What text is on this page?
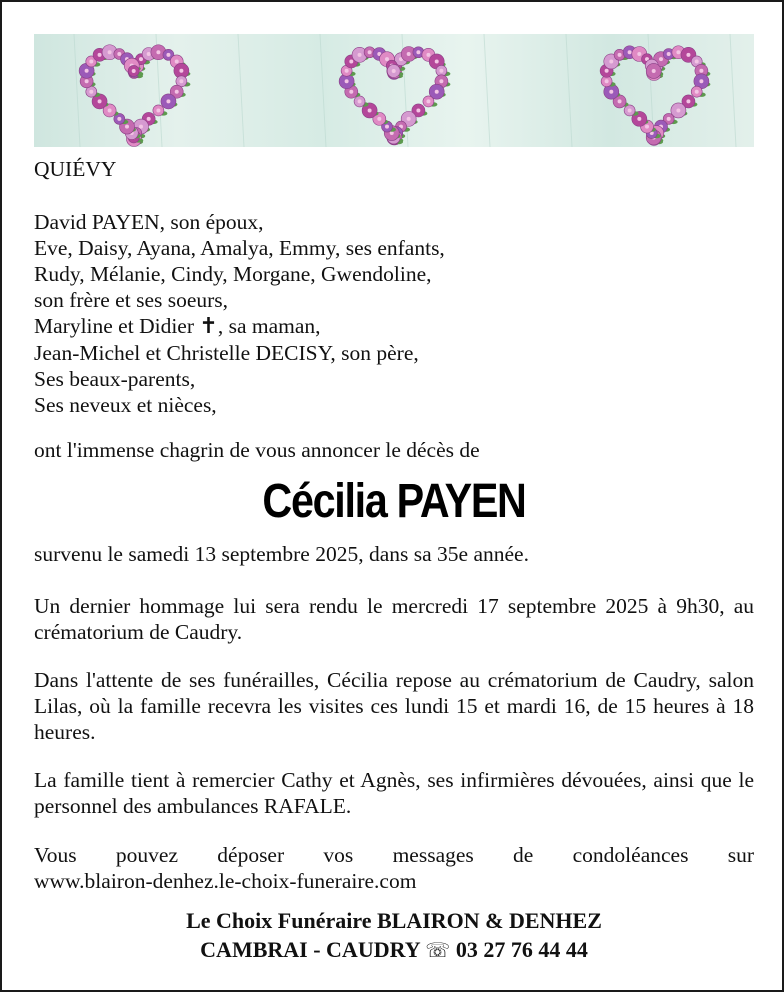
QUIÉVY
David PAYEN, son époux,
Eve, Daisy, Ayana, Amalya, Emmy, ses enfants,
Rudy, Mélanie, Cindy, Morgane, Gwendoline,
son frère et ses soeurs,
Maryline et Didier ✝, sa maman,
Jean-Michel et Christelle DECISY, son père,
Ses beaux-parents,
Ses neveux et nièces,
ont l'immense chagrin de vous annoncer le décès de
Cécilia PAYEN
survenu le samedi 13 septembre 2025, dans sa 35e année.
Un dernier hommage lui sera rendu le mercredi 17 septembre 2025 à 9h30, au crématorium de Caudry.
Dans l'attente de ses funérailles, Cécilia repose au crématorium de Caudry, salon Lilas, où la famille recevra les visites ces lundi 15 et mardi 16, de 15 heures à 18 heures.
La famille tient à remercier Cathy et Agnès, ses infirmières dévouées, ainsi que le personnel des ambulances RAFALE.
Vous pouvez déposer vos messages de condoléances sur
www.blairon-denhez.le-choix-funeraire.com
Le Choix Funéraire BLAIRON & DENHEZ
CAMBRAI - CAUDRY ☏ 03 27 76 44 44
